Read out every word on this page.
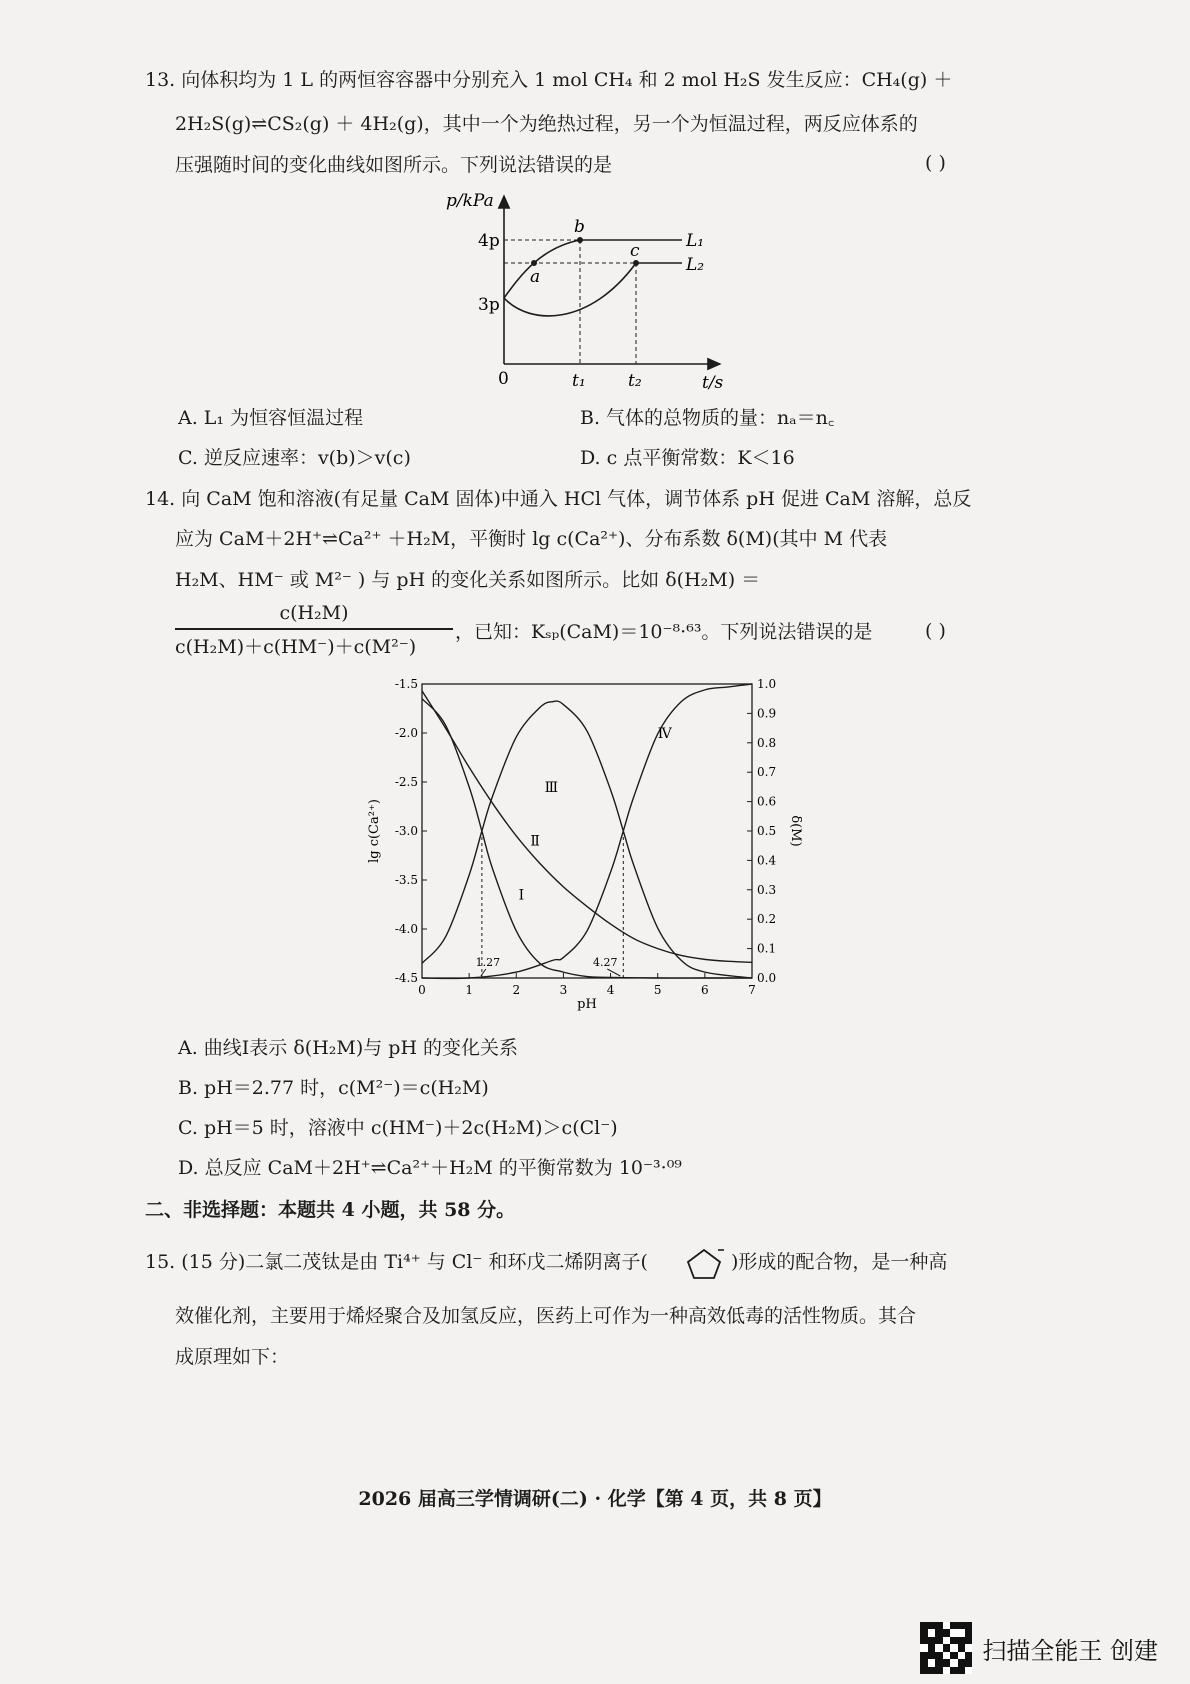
13. 向体积均为 1 L 的两恒容容器中分别充入 1 mol CH₄ 和 2 mol H₂S 发生反应：CH₄(g) ＋
2H₂S(g)⇌CS₂(g) ＋ 4H₂(g)，其中一个为绝热过程，另一个为恒温过程，两反应体系的
压强随时间的变化曲线如图所示。下列说法错误的是	( )
p/kPa
t/s
4p
3p
0	t₁ t₂
a
b
c	L₁
L₂
A. L₁ 为恒容恒温过程	B. 气体的总物质的量：nₐ＝n꜀
C. 逆反应速率：v(b)＞v(c)	D. c 点平衡常数：K＜16
14. 向 CaM 饱和溶液(有足量 CaM 固体)中通入 HCl 气体，调节体系 pH 促进 CaM 溶解，总反
应为 CaM＋2H⁺⇌Ca²⁺ ＋H₂M，平衡时 lg c(Ca²⁺)、分布系数 δ(M)(其中 M 代表
H₂M、HM⁻ 或 M²⁻ ) 与 pH 的变化关系如图所示。比如 δ(H₂M) ＝
c(H₂M)
c(H₂M)＋c(HM⁻)＋c(M²⁻)
，已知：Kₛₚ(CaM)＝10⁻⁸·⁶³。下列说法错误的是	( )
0	1	2	3	4	5	6	7
pH
-1.5
-2.0
-2.5
-3.0
-3.5
-4.0
-4.5
lg c(Ca²⁺)
1.0
0.9
0.8
0.7
0.6
0.5
0.4
0.3
0.2
0.1
0.0
δ(M)
1.27	4.27
Ⅰ
Ⅱ
Ⅲ
Ⅳ
A. 曲线Ⅰ表示 δ(H₂M)与 pH 的变化关系
B. pH＝2.77 时，c(M²⁻)＝c(H₂M)
C. pH＝5 时，溶液中 c(HM⁻)＋2c(H₂M)＞c(Cl⁻)
D. 总反应 CaM＋2H⁺⇌Ca²⁺＋H₂M 的平衡常数为 10⁻³·⁰⁹
二、非选择题：本题共 4 小题，共 58 分。
15. (15 分)二氯二茂钛是由 Ti⁴⁺ 与 Cl⁻ 和环戊二烯阴离子(	)形成的配合物，是一种高
效催化剂，主要用于烯烃聚合及加氢反应，医药上可作为一种高效低毒的活性物质。其合
成原理如下：
2026 届高三学情调研(二) · 化学【第 4 页，共 8 页】
扫描全能王 创建
